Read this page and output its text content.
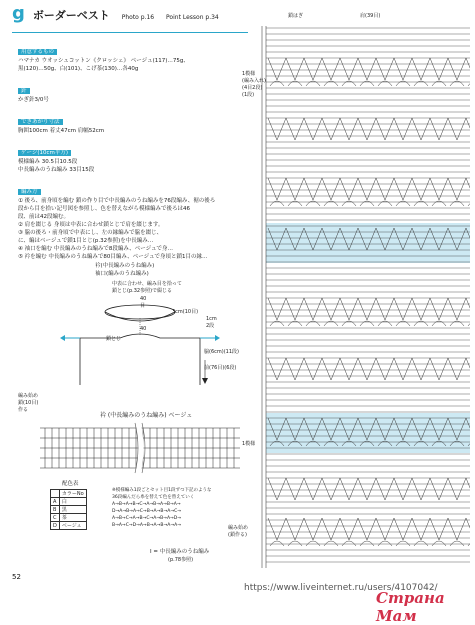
g ボーダーベスト Photo p.16 Point Lesson p.34
用意するもの
ハマナカ ウオッシュコットン《クロッシェ》 ベージュ(117)…75g、
黒(120)…50g、白(101)、こげ茶(130)…各40g
針
かぎ針3/0号
できあがり寸法
胸囲100cm 着丈47cm 肩幅52cm
ゲージ(10cm平方)
模様編み 30.5目10.5段
中長編みのうね編み 33目15段
編み方
① 後ろ、前身頃を編む 鎖の作り目で中長編みのうね編みを76段編み、裾の後ろ
段から目を拾い記号図を参照し、色を替えながら模様編みで後ろは46
段、前は42段編む。
② 肩を綴じる 身頃は中表に合わせ鎖とじで肩を綴じます。
③ 脇の後ろ・前身頃で中表にし、左の縁編みで脇を綴じ、
に、編はベージュで鎖1目とじ(p.32参照)を中長編み…
④ 袖口を編む 中長編みのうね編みで8段編み、ベージュで身…
⑤ 衿を編む 中長編みのうね編みで80目編み、ベージュで身頃と鎖1目の縁…
衿(中長編みのうね編み)
袖口(編みのうね編み)
中表に合わせ、編み目を拾って
鎖とじ(p.32参照)で綴じる
40
目
3cm(10目)
1cm
2段
40
鎖とじ
脇(6cm)(11段)
前(76目)(6段)
編み始め
鎖(10目)
作る
衿 (中長編みのうね編み) ベージュ
配色表
	カラーNo
A	白
B	黒
C	茶
D	ベージュ
※模様編み1段ごとセット目1段ずつ下記のような
36段編んだら糸を替えて色を替えていく
A→B→A→B→C→A→B→A→B→A→
D→A→B→A→C→B→A→B→A→C→
A→B→C→A→B→C→A→B→A→D→
B→A→C→D→A→B→A→B→A→A→
Ⅰ = 中長編みのうね編み
(p.78参照)
鎖はぎ	肩(39目)
1模様
(編み入れ)
(4目2段)
(1段)
1模様
編み始め
(鎖作る)
52
https://www.liveinternet.ru/users/4107042/
Страна Мам
